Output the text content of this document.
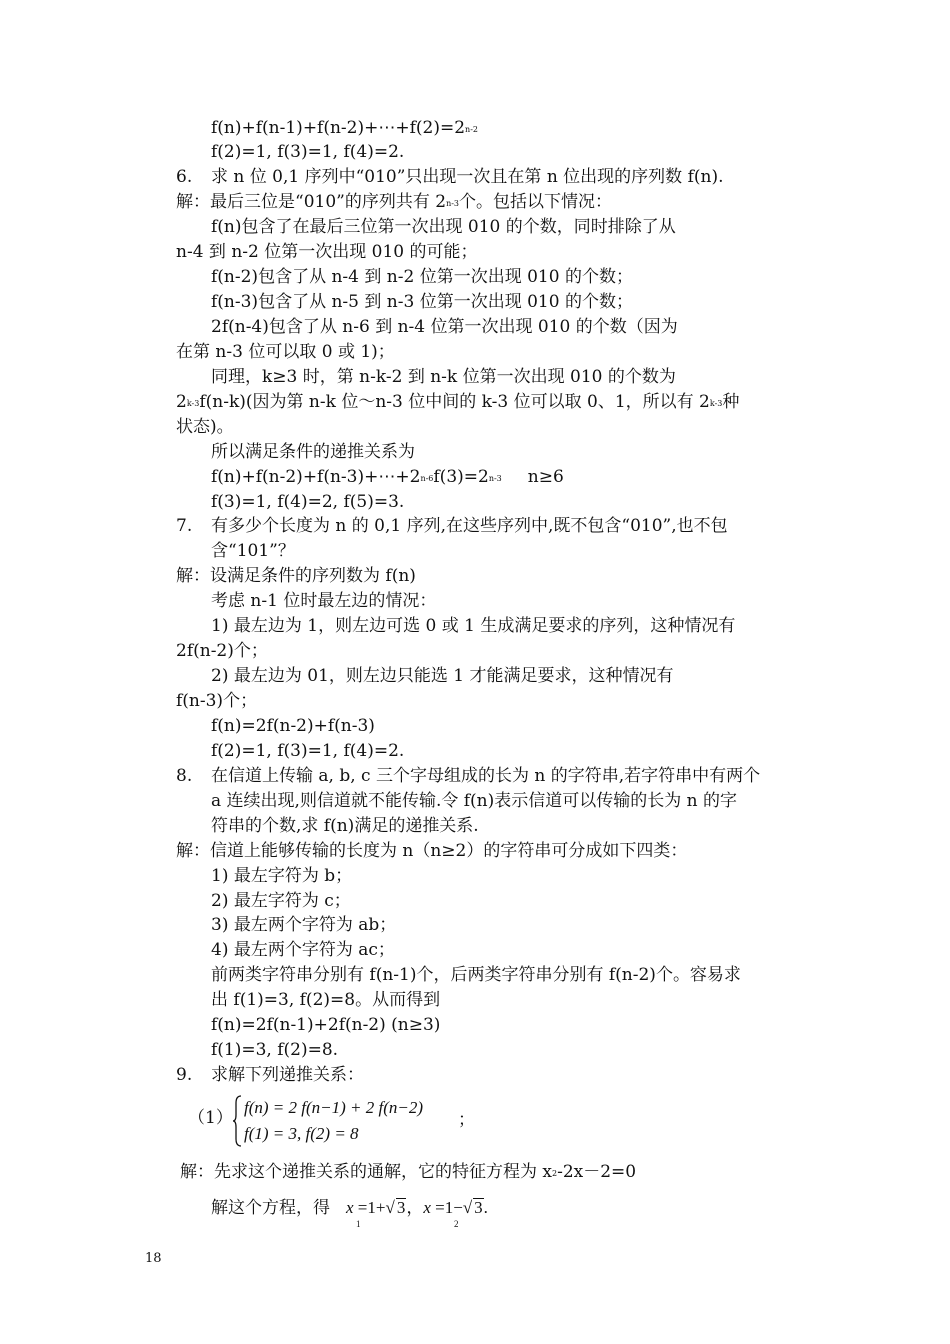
f(n)+f(n-1)+f(n-2)+⋯+f(2)=2n-2
f(2)=1, f(3)=1, f(4)=2.
6. 求 n 位 0,1 序列中“010”只出现一次且在第 n 位出现的序列数 f(n).
解：最后三位是“010”的序列共有 2n-3个。包括以下情况：
f(n)包含了在最后三位第一次出现 010 的个数，同时排除了从
n-4 到 n-2 位第一次出现 010 的可能；
f(n-2)包含了从 n-4 到 n-2 位第一次出现 010 的个数；
f(n-3)包含了从 n-5 到 n-3 位第一次出现 010 的个数；
2f(n-4)包含了从 n-6 到 n-4 位第一次出现 010 的个数（因为
在第 n-3 位可以取 0 或 1)；
同理，k≥3 时，第 n-k-2 到 n-k 位第一次出现 010 的个数为
2k-3f(n-k)(因为第 n-k 位～n-3 位中间的 k-3 位可以取 0、1，所以有 2k-3种
状态)。
所以满足条件的递推关系为
f(n)+f(n-2)+f(n-3)+⋯+2n-6f(3)=2n-3 n≥6
f(3)=1, f(4)=2, f(5)=3.
7. 有多少个长度为 n 的 0,1 序列,在这些序列中,既不包含“010”,也不包
含“101”？
解：设满足条件的序列数为 f(n)
考虑 n-1 位时最左边的情况：
1) 最左边为 1，则左边可选 0 或 1 生成满足要求的序列，这种情况有
2f(n-2)个；
2) 最左边为 01，则左边只能选 1 才能满足要求，这种情况有
f(n-3)个；
f(n)=2f(n-2)+f(n-3)
f(2)=1, f(3)=1, f(4)=2.
8. 在信道上传输 a, b, c 三个字母组成的长为 n 的字符串,若字符串中有两个
a 连续出现,则信道就不能传输.令 f(n)表示信道可以传输的长为 n 的字
符串的个数,求 f(n)满足的递推关系.
解：信道上能够传输的长度为 n（n≥2）的字符串可分成如下四类：
1) 最左字符为 b；
2) 最左字符为 c；
3) 最左两个字符为 ab；
4) 最左两个字符为 ac；
前两类字符串分别有 f(n-1)个，后两类字符串分别有 f(n-2)个。容易求
出 f(1)=3, f(2)=8。从而得到
f(n)=2f(n-1)+2f(n-2) (n≥3)
f(1)=3, f(2)=8.
9. 求解下列递推关系：
（1）
f(n) = 2 f(n−1) + 2 f(n−2)
f(1) = 3, f(2) = 8
；
解：先求这个递推关系的通解，它的特征方程为 x2-2x－2=0
解这个方程，得 x =1+√ 3，x =1−√ 3.
1	2
18
